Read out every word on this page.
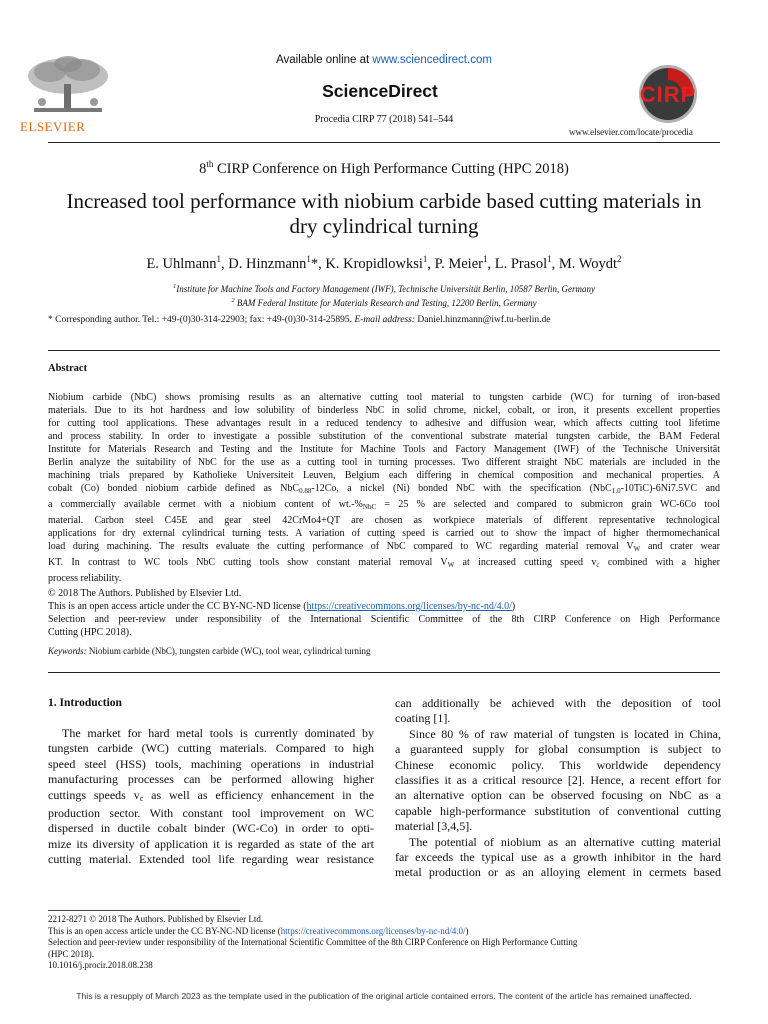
ELSEVIER
Available online at www.sciencedirect.com
ScienceDirect
Procedia CIRP 77 (2018) 541–544
CIRP
www.elsevier.com/locate/procedia
8th CIRP Conference on High Performance Cutting (HPC 2018)
Increased tool performance with niobium carbide based cutting materials in
dry cylindrical turning
E. Uhlmann$^1$, D. Hinzmann$^1$*, K. Kropidlowksi$^1$, P. Meier$^1$, L. Prasol$^1$, M. Woydt$^2$
$^1$Institute for Machine Tools and Factory Management (IWF), Technische Universität Berlin, 10587 Berlin, Germany
$^2$ BAM Federal Institute for Materials Research and Testing, 12200 Berlin, Germany
* Corresponding author. Tel.: +49-(0)30-314-22903; fax: +49-(0)30-314-25895. E-mail address: Daniel.hinzmann@iwf.tu-berlin.de
Abstract
Niobium carbide (NbC) shows promising results as an alternative cutting tool material to tungsten carbide (WC) for turning of iron-based
materials. Due to its hot hardness and low solubility of binderless NbC in solid chrome, nickel, cobalt, or iron, it presents excellent properties
for cutting tool applications. These advantages result in a reduced tendency to adhesive and diffusion wear, which affects cutting tool lifetime
and process stability. In order to investigate a possible substitution of the conventional substrate material tungsten carbide, the BAM Federal
Institute for Materials Research and Testing and the Institute for Machine Tools and Factory Management (IWF) of the Technische Universität
Berlin analyze the suitability of NbC for the use as a cutting tool in turning processes. Two different straight NbC materials are included in the
machining trials prepared by Katholieke Universiteit Leuven, Belgium each differing in chemical composition and mechanical properties. A
cobalt (Co) bonded niobium carbide defined as NbC$_{0.88}$-12Co, a nickel (Ni) bonded NbC with the specification (NbC$_{1.0}$-10TiC)-6Ni7.5VC and
a commercially available cermet with a niobium content of $wt.-\%_{NbC} = 25$ % are selected and compared to submicron grain WC-6Co tool
material. Carbon steel C45E and gear steel 42CrMo4+QT are chosen as workpiece materials of different representative technological
applications for dry external cylindrical turning tests. A variation of cutting speed is carried out to show the impact of higher thermomechanical
load during machining. The results evaluate the cutting performance of NbC compared to WC regarding material removal $V_W$ and crater wear
KT. In contrast to WC tools NbC cutting tools show constant material removal $V_W$ at increased cutting speed $v_c$ combined with a higher
process reliability.
© 2018 The Authors. Published by Elsevier Ltd.
This is an open access article under the CC BY-NC-ND license (https://creativecommons.org/licenses/by-nc-nd/4.0/)
Selection and peer-review under responsibility of the International Scientific Committee of the 8th CIRP Conference on High Performance
Cutting (HPC 2018).
Keywords: Niobium carbide (NbC), tungsten carbide (WC), tool wear, cylindrical turning
1. Introduction
The market for hard metal tools is currently dominated by
tungsten carbide (WC) cutting materials. Compared to high
speed steel (HSS) tools, machining operations in industrial
manufacturing processes can be performed allowing higher
cuttings speeds $v_c$ as well as efficiency enhancement in the
production sector. With constant tool improvement on WC
dispersed in ductile cobalt binder (WC-Co) in order to opti-
mize its diversity of application it is regarded as state of the art
cutting material. Extended tool life regarding wear resistance
can additionally be achieved with the deposition of tool
coating [1].
Since 80 % of raw material of tungsten is located in China,
a guaranteed supply for global consumption is subject to
Chinese economic policy. This worldwide dependency
classifies it as a critical resource [2]. Hence, a recent effort for
an alternative option can be observed focusing on NbC as a
capable high-performance substitution of conventional cutting
material [3,4,5].
The potential of niobium as an alternative cutting material
far exceeds the typical use as a growth inhibitor in the hard
metal production or as an alloying element in cermets based
2212-8271 © 2018 The Authors. Published by Elsevier Ltd.
This is an open access article under the CC BY-NC-ND license (https://creativecommons.org/licenses/by-nc-nd/4.0/)
Selection and peer-review under responsibility of the International Scientific Committee of the 8th CIRP Conference on High Performance Cutting
(HPC 2018).
10.1016/j.procir.2018.08.238
This is a resupply of March 2023 as the template used in the publication of the original article contained errors. The content of the article has remained unaffected.
